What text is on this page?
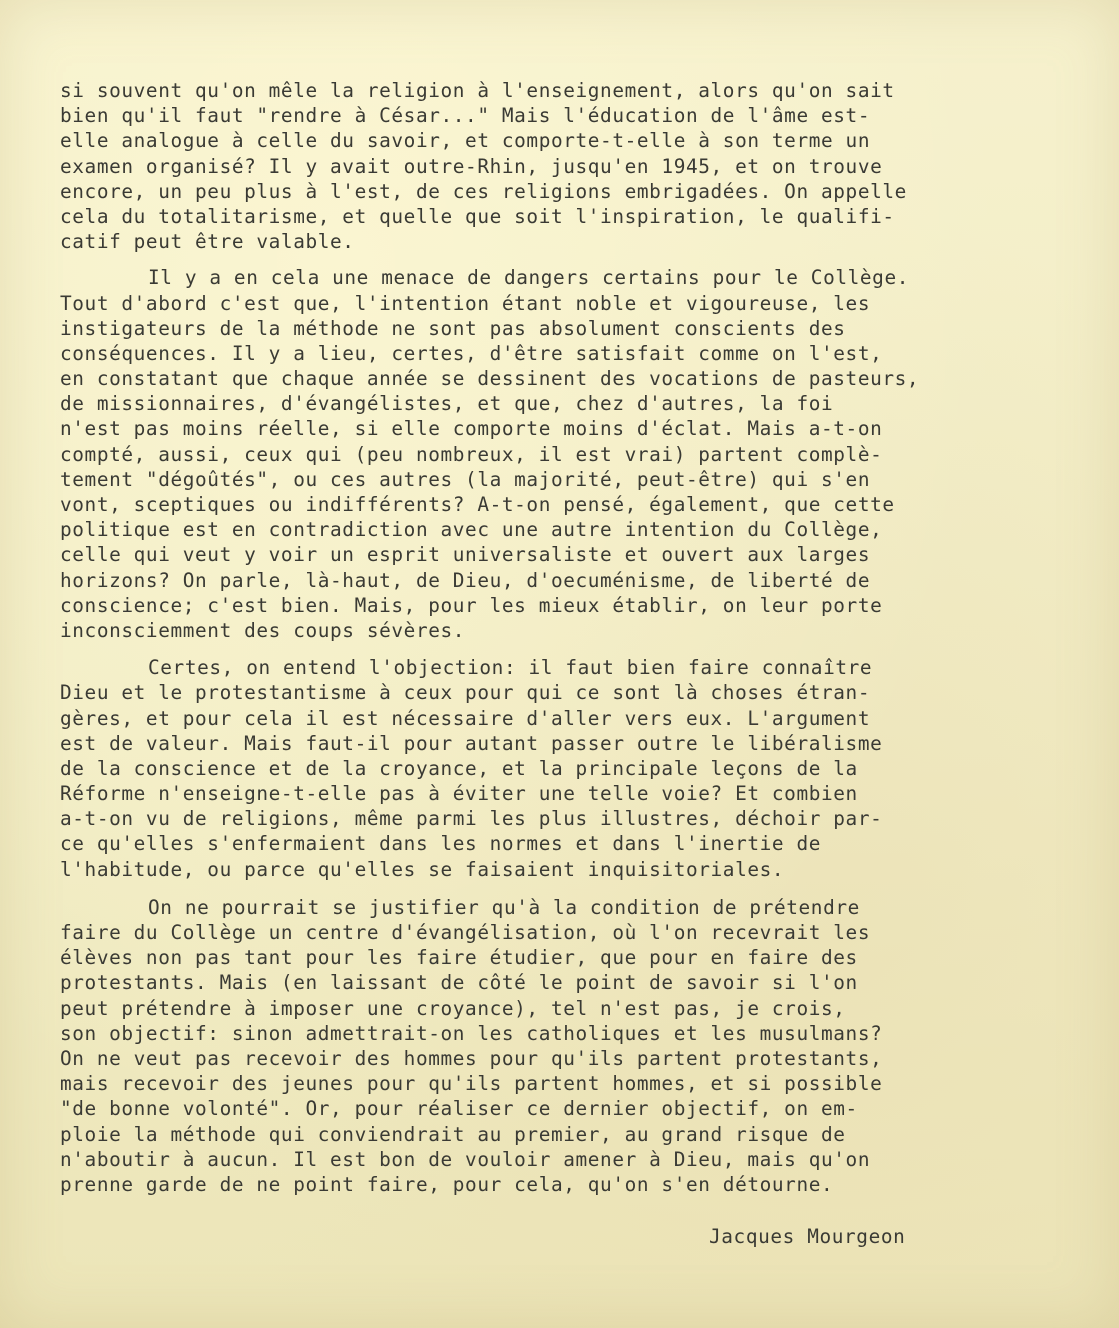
si souvent qu'on mêle la religion à l'enseignement, alors qu'on sait
bien qu'il faut "rendre à César..." Mais l'éducation de l'âme est-
elle analogue à celle du savoir, et comporte-t-elle à son terme un
examen organisé? Il y avait outre-Rhin, jusqu'en 1945, et on trouve
encore, un peu plus à l'est, de ces religions embrigadées. On appelle
cela du totalitarisme, et quelle que soit l'inspiration, le qualifi-
catif peut être valable.
Il y a en cela une menace de dangers certains pour le Collège.
Tout d'abord c'est que, l'intention étant noble et vigoureuse, les
instigateurs de la méthode ne sont pas absolument conscients des
conséquences. Il y a lieu, certes, d'être satisfait comme on l'est,
en constatant que chaque année se dessinent des vocations de pasteurs,
de missionnaires, d'évangélistes, et que, chez d'autres, la foi
n'est pas moins réelle, si elle comporte moins d'éclat. Mais a-t-on
compté, aussi, ceux qui (peu nombreux, il est vrai) partent complè-
tement "dégoûtés", ou ces autres (la majorité, peut-être) qui s'en
vont, sceptiques ou indifférents? A-t-on pensé, également, que cette
politique est en contradiction avec une autre intention du Collège,
celle qui veut y voir un esprit universaliste et ouvert aux larges
horizons? On parle, là-haut, de Dieu, d'oecuménisme, de liberté de
conscience; c'est bien. Mais, pour les mieux établir, on leur porte
inconsciemment des coups sévères.
Certes, on entend l'objection: il faut bien faire connaître
Dieu et le protestantisme à ceux pour qui ce sont là choses étran-
gères, et pour cela il est nécessaire d'aller vers eux. L'argument
est de valeur. Mais faut-il pour autant passer outre le libéralisme
de la conscience et de la croyance, et la principale leçons de la
Réforme n'enseigne-t-elle pas à éviter une telle voie? Et combien
a-t-on vu de religions, même parmi les plus illustres, déchoir par-
ce qu'elles s'enfermaient dans les normes et dans l'inertie de
l'habitude, ou parce qu'elles se faisaient inquisitoriales.
On ne pourrait se justifier qu'à la condition de prétendre
faire du Collège un centre d'évangélisation, où l'on recevrait les
élèves non pas tant pour les faire étudier, que pour en faire des
protestants. Mais (en laissant de côté le point de savoir si l'on
peut prétendre à imposer une croyance), tel n'est pas, je crois,
son objectif: sinon admettrait-on les catholiques et les musulmans?
On ne veut pas recevoir des hommes pour qu'ils partent protestants,
mais recevoir des jeunes pour qu'ils partent hommes, et si possible
"de bonne volonté". Or, pour réaliser ce dernier objectif, on em-
ploie la méthode qui conviendrait au premier, au grand risque de
n'aboutir à aucun. Il est bon de vouloir amener à Dieu, mais qu'on
prenne garde de ne point faire, pour cela, qu'on s'en détourne.
Jacques Mourgeon
